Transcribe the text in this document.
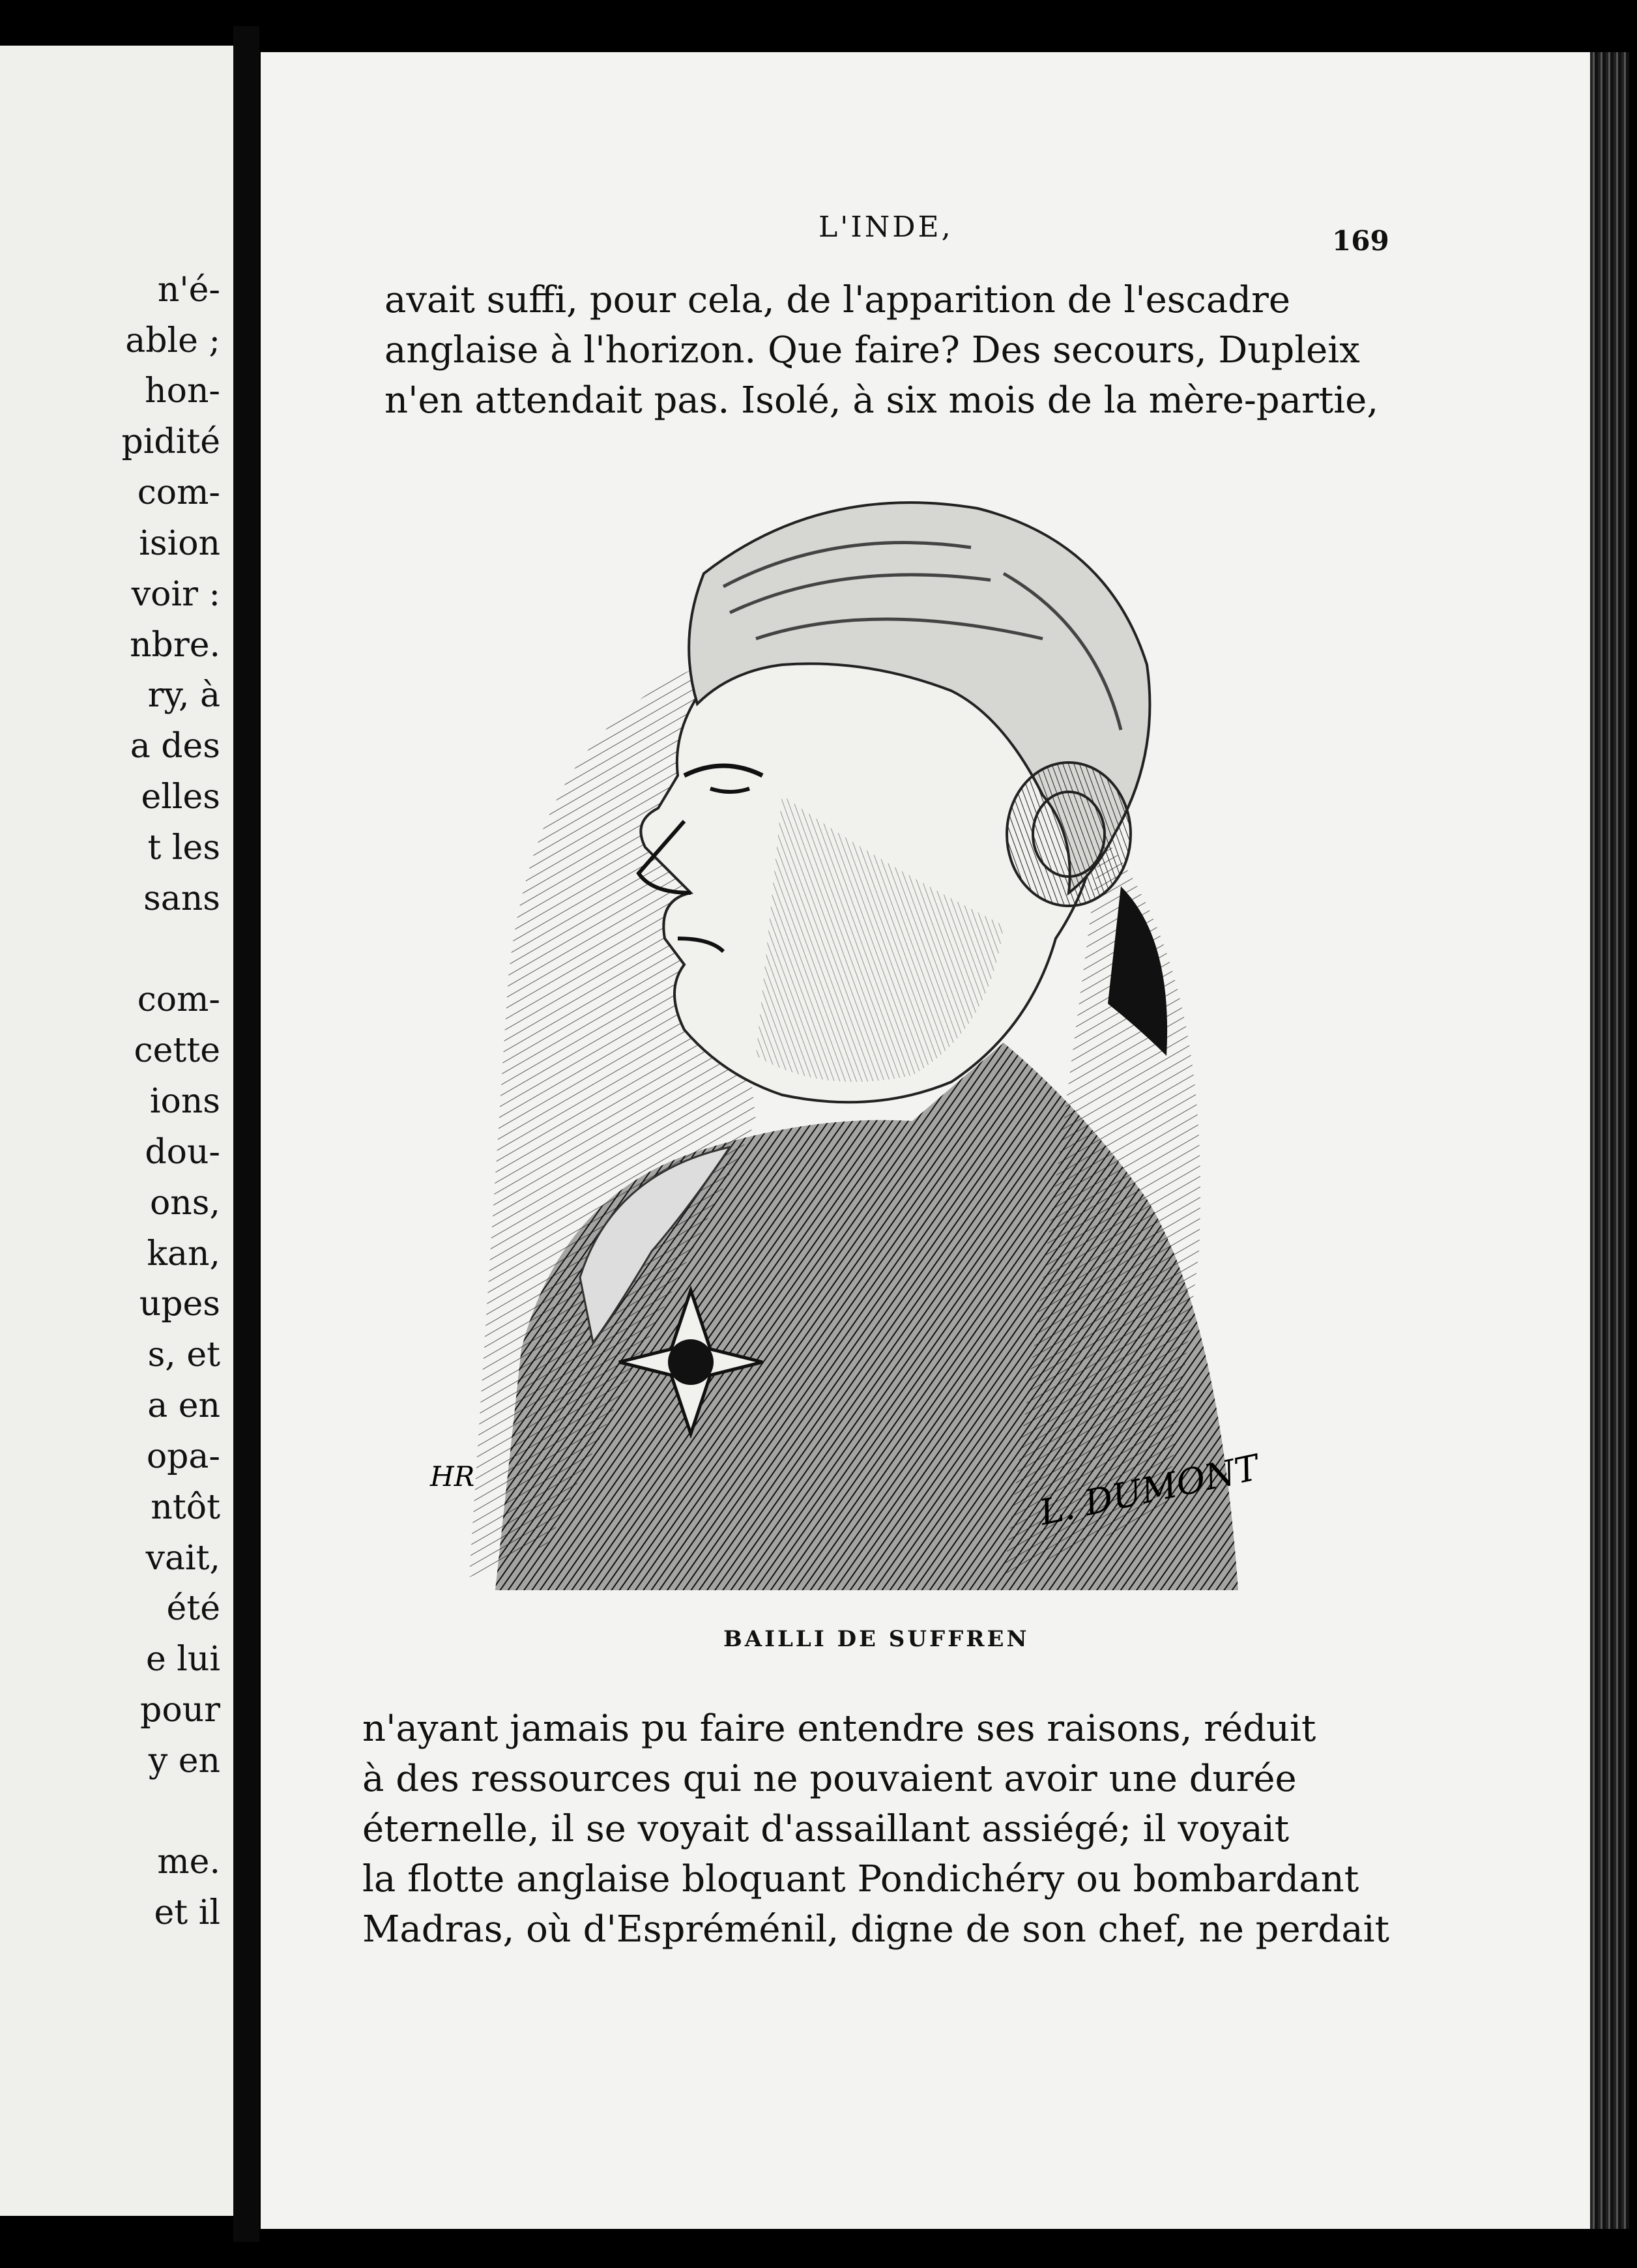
n'é-
able ;
hon-
pidité
com-
ision
voir :
nbre.
ry, à
a des
elles
t les
sans
com-
cette
ions
dou-
ons,
kan,
upes
s, et
a en
opa-
ntôt
vait,
été
e lui
pour
y en
me.
et il
L'INDE,	169
avait suffi, pour cela, de l'apparition de l'escadre
anglaise à l'horizon. Que faire? Des secours, Dupleix
n'en attendait pas. Isolé, à six mois de la mère-partie,
HR	L. DUMONT
BAILLI DE SUFFREN
n'ayant jamais pu faire entendre ses raisons, réduit
à des ressources qui ne pouvaient avoir une durée
éternelle, il se voyait d'assaillant assiégé; il voyait
la flotte anglaise bloquant Pondichéry ou bombardant
Madras, où d'Espréménil, digne de son chef, ne perdait
